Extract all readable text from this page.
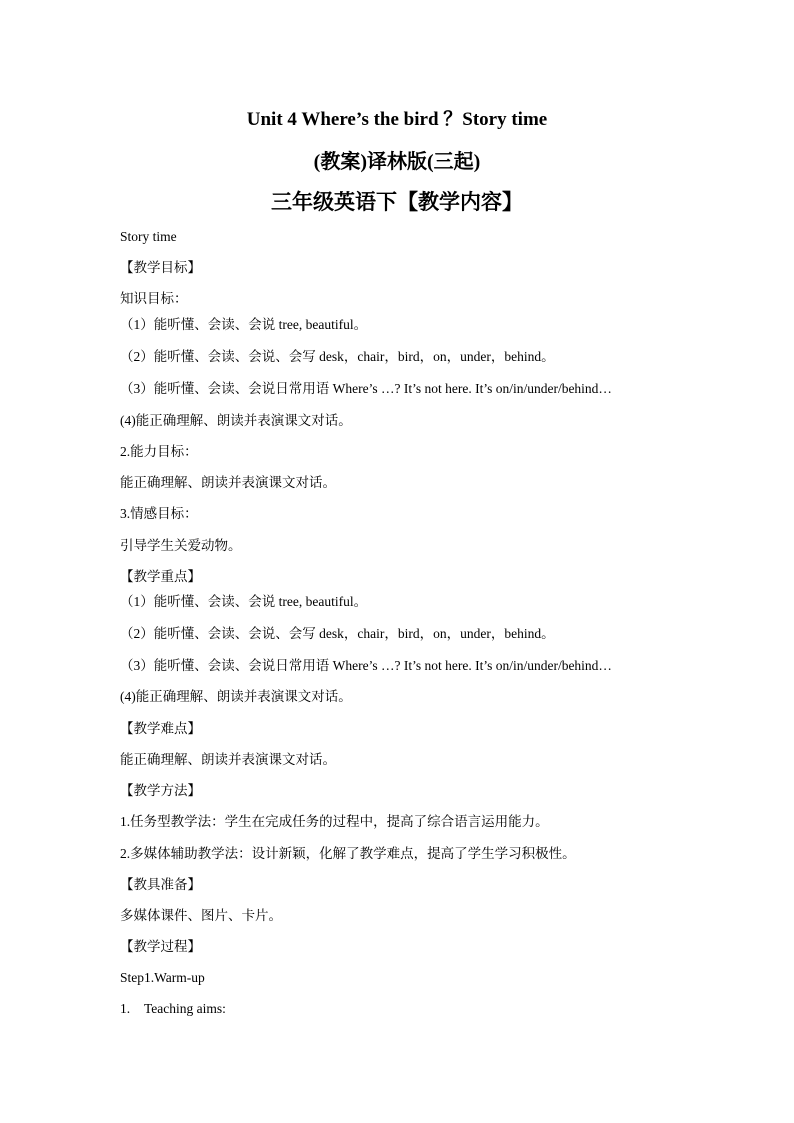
Unit 4 Where’s the bird ？Story time
(教案)译林版(三起)
三年级英语下【教学内容】
Story time
【教学目标】
知识目标：
（1）能听懂、会读、会说 tree, beautiful。
（2）能听懂、会读、会说、会写 desk，chair，bird，on，under，behind。
（3）能听懂、会读、会说日常用语 Where’s …? It’s not here. It’s on/in/under/behind…
(4)能正确理解、朗读并表演课文对话。
2.能力目标：
能正确理解、朗读并表演课文对话。
3.情感目标：
引导学生关爱动物。
【教学重点】
（1）能听懂、会读、会说 tree, beautiful。
（2）能听懂、会读、会说、会写 desk，chair，bird，on，under，behind。
（3）能听懂、会读、会说日常用语 Where’s …? It’s not here. It’s on/in/under/behind…
(4)能正确理解、朗读并表演课文对话。
【教学难点】
能正确理解、朗读并表演课文对话。
【教学方法】
1.任务型教学法：学生在完成任务的过程中，提高了综合语言运用能力。
2.多媒体辅助教学法：设计新颖，化解了教学难点，提高了学生学习积极性。
【教具准备】
多媒体课件、图片、卡片。
【教学过程】
Step1.Warm-up
1. Teaching aims:
